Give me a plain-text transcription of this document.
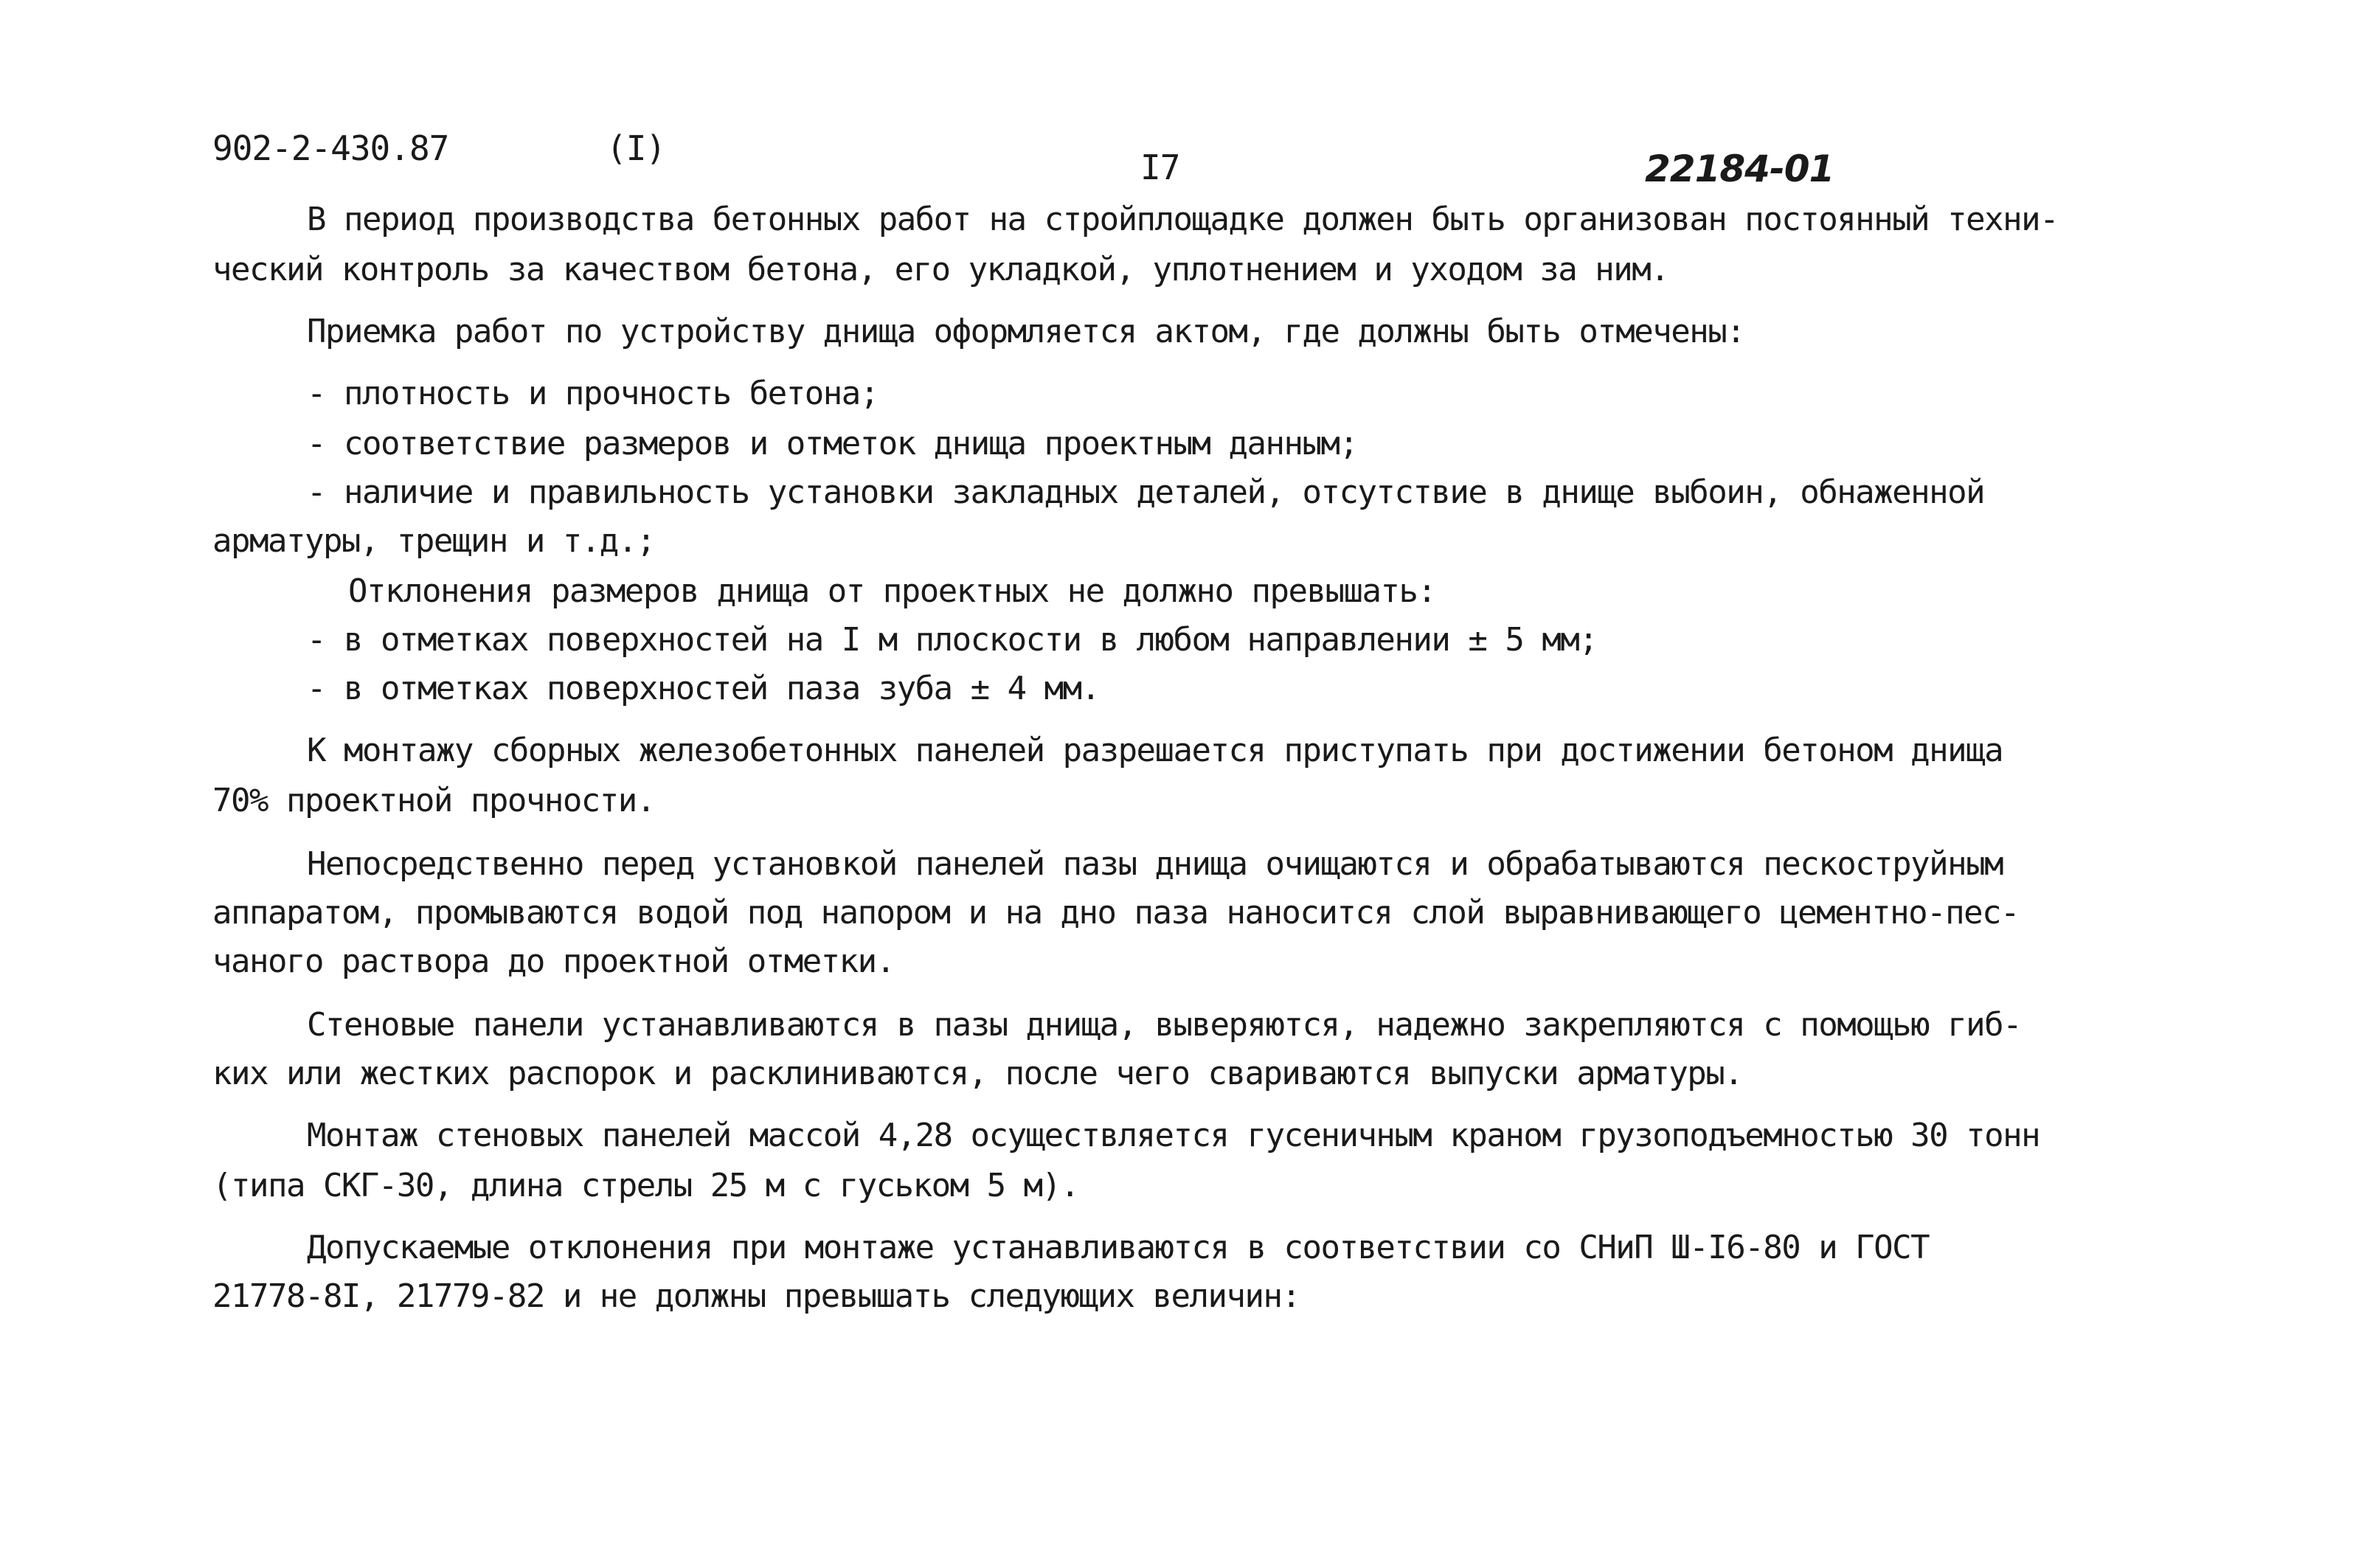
902-2-430.87	(I)	I7	22184-01
В период производства бетонных работ на стройплощадке должен быть организован постоянный техни-
ческий контроль за качеством бетона, его укладкой, уплотнением и уходом за ним.
Приемка работ по устройству днища оформляется актом, где должны быть отмечены:
- плотность и прочность бетона;
- соответствие размеров и отметок днища проектным данным;
- наличие и правильность установки закладных деталей, отсутствие в днище выбоин, обнаженной
арматуры, трещин и т.д.;
Отклонения размеров днища от проектных не должно превышать:
- в отметках поверхностей на I м плоскости в любом направлении ± 5 мм;
- в отметках поверхностей паза зуба ± 4 мм.
К монтажу сборных железобетонных панелей разрешается приступать при достижении бетоном днища
70% проектной прочности.
Непосредственно перед установкой панелей пазы днища очищаются и обрабатываются пескоструйным
аппаратом, промываются водой под напором и на дно паза наносится слой выравнивающего цементно-пес-
чаного раствора до проектной отметки.
Стеновые панели устанавливаются в пазы днища, выверяются, надежно закрепляются с помощью гиб-
ких или жестких распорок и расклиниваются, после чего свариваются выпуски арматуры.
Монтаж стеновых панелей массой 4,28 осуществляется гусеничным краном грузоподъемностью 30 тонн
(типа СКГ-30, длина стрелы 25 м с гуськом 5 м).
Допускаемые отклонения при монтаже устанавливаются в соответствии со СНиП Ш-I6-80 и ГОСТ
21778-8I, 21779-82 и не должны превышать следующих величин:
